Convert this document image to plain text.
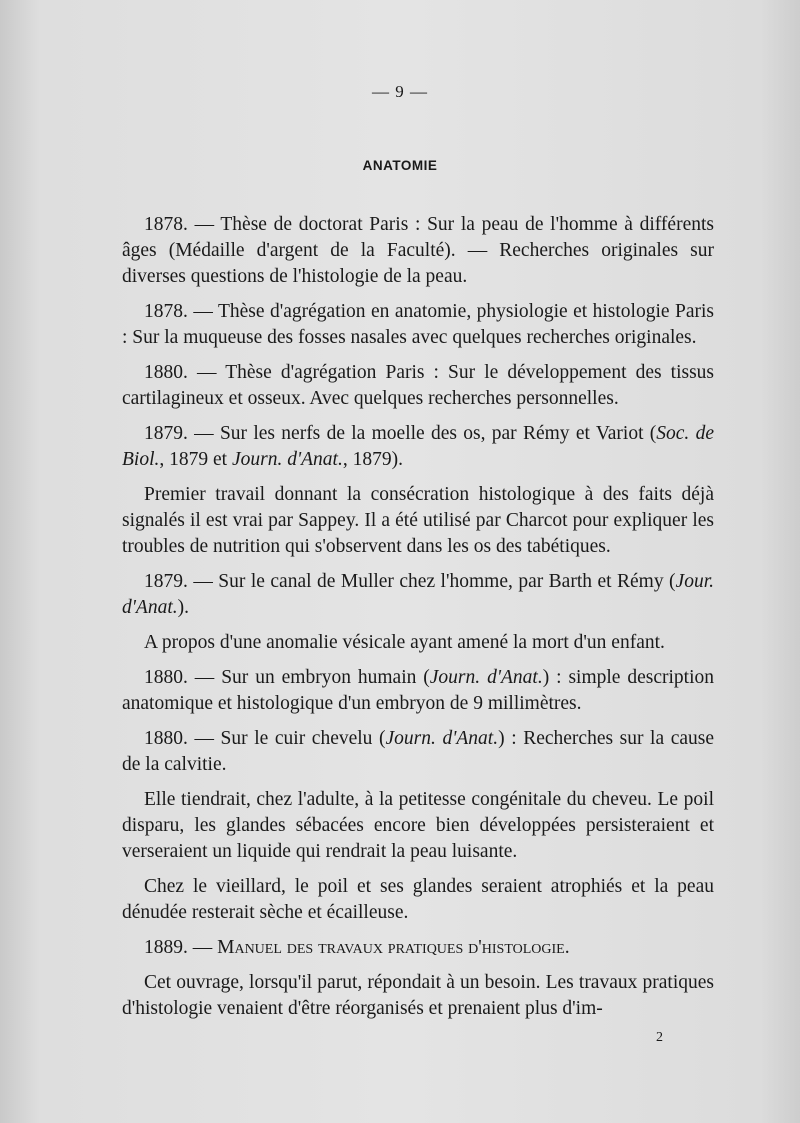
— 9 —
ANATOMIE

1878. — Thèse de doctorat Paris : Sur la peau de l'homme à différents âges (Médaille d'argent de la Faculté). — Recherches originales sur diverses questions de l'histologie de la peau.

1878. — Thèse d'agrégation en anatomie, physiologie et histologie Paris : Sur la muqueuse des fosses nasales avec quelques recherches originales.

1880. — Thèse d'agrégation Paris : Sur le développement des tissus cartilagineux et osseux. Avec quelques recherches personnelles.

1879. — Sur les nerfs de la moelle des os, par Rémy et Variot (Soc. de Biol., 1879 et Journ. d'Anat., 1879).

Premier travail donnant la consécration histologique à des faits déjà signalés il est vrai par Sappey. Il a été utilisé par Charcot pour expliquer les troubles de nutrition qui s'observent dans les os des tabétiques.

1879. — Sur le canal de Muller chez l'homme, par Barth et Rémy (Jour. d'Anat.).

A propos d'une anomalie vésicale ayant amené la mort d'un enfant.

1880. — Sur un embryon humain (Journ. d'Anat.) : simple description anatomique et histologique d'un embryon de 9 millimètres.

1880. — Sur le cuir chevelu (Journ. d'Anat.) : Recherches sur la cause de la calvitie.

Elle tiendrait, chez l'adulte, à la petitesse congénitale du cheveu. Le poil disparu, les glandes sébacées encore bien développées persisteraient et verseraient un liquide qui rendrait la peau luisante.

Chez le vieillard, le poil et ses glandes seraient atrophiés et la peau dénudée resterait sèche et écailleuse.

1889. — Manuel des travaux pratiques d'histologie.

Cet ouvrage, lorsqu'il parut, répondait à un besoin. Les travaux pratiques d'histologie venaient d'être réorganisés et prenaient plus d'im-

2
